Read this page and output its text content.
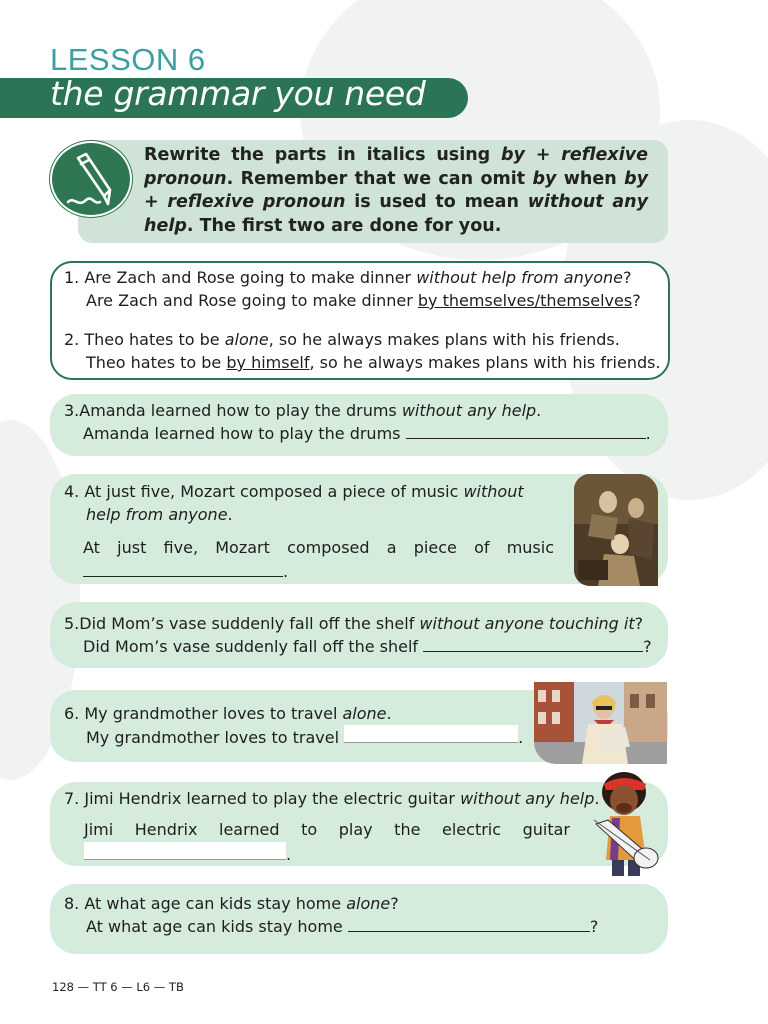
LESSON 6
the grammar you need
Rewrite the parts in italics using by + reflexive pronoun. Remember that we can omit by when by + reflexive pronoun is used to mean without any help. The first two are done for you.
1. Are Zach and Rose going to make dinner without help from anyone?
Are Zach and Rose going to make dinner by themselves/themselves?
2. Theo hates to be alone, so he always makes plans with his friends.
Theo hates to be by himself, so he always makes plans with his friends.
3.Amanda learned how to play the drums without any help.
Amanda learned how to play the drums	.
4. At just five, Mozart composed a piece of music without
help from anyone.
At just five, Mozart composed a piece of music
.
5.Did Mom’s vase suddenly fall off the shelf without anyone touching it?
Did Mom’s vase suddenly fall off the shelf	?
6. My grandmother loves to travel alone.
My grandmother loves to travel	.
7. Jimi Hendrix learned to play the electric guitar without any help.
Jimi Hendrix learned to play the electric guitar
.
8. At what age can kids stay home alone?
At what age can kids stay home	?
128 — TT 6 — L6 — TB
